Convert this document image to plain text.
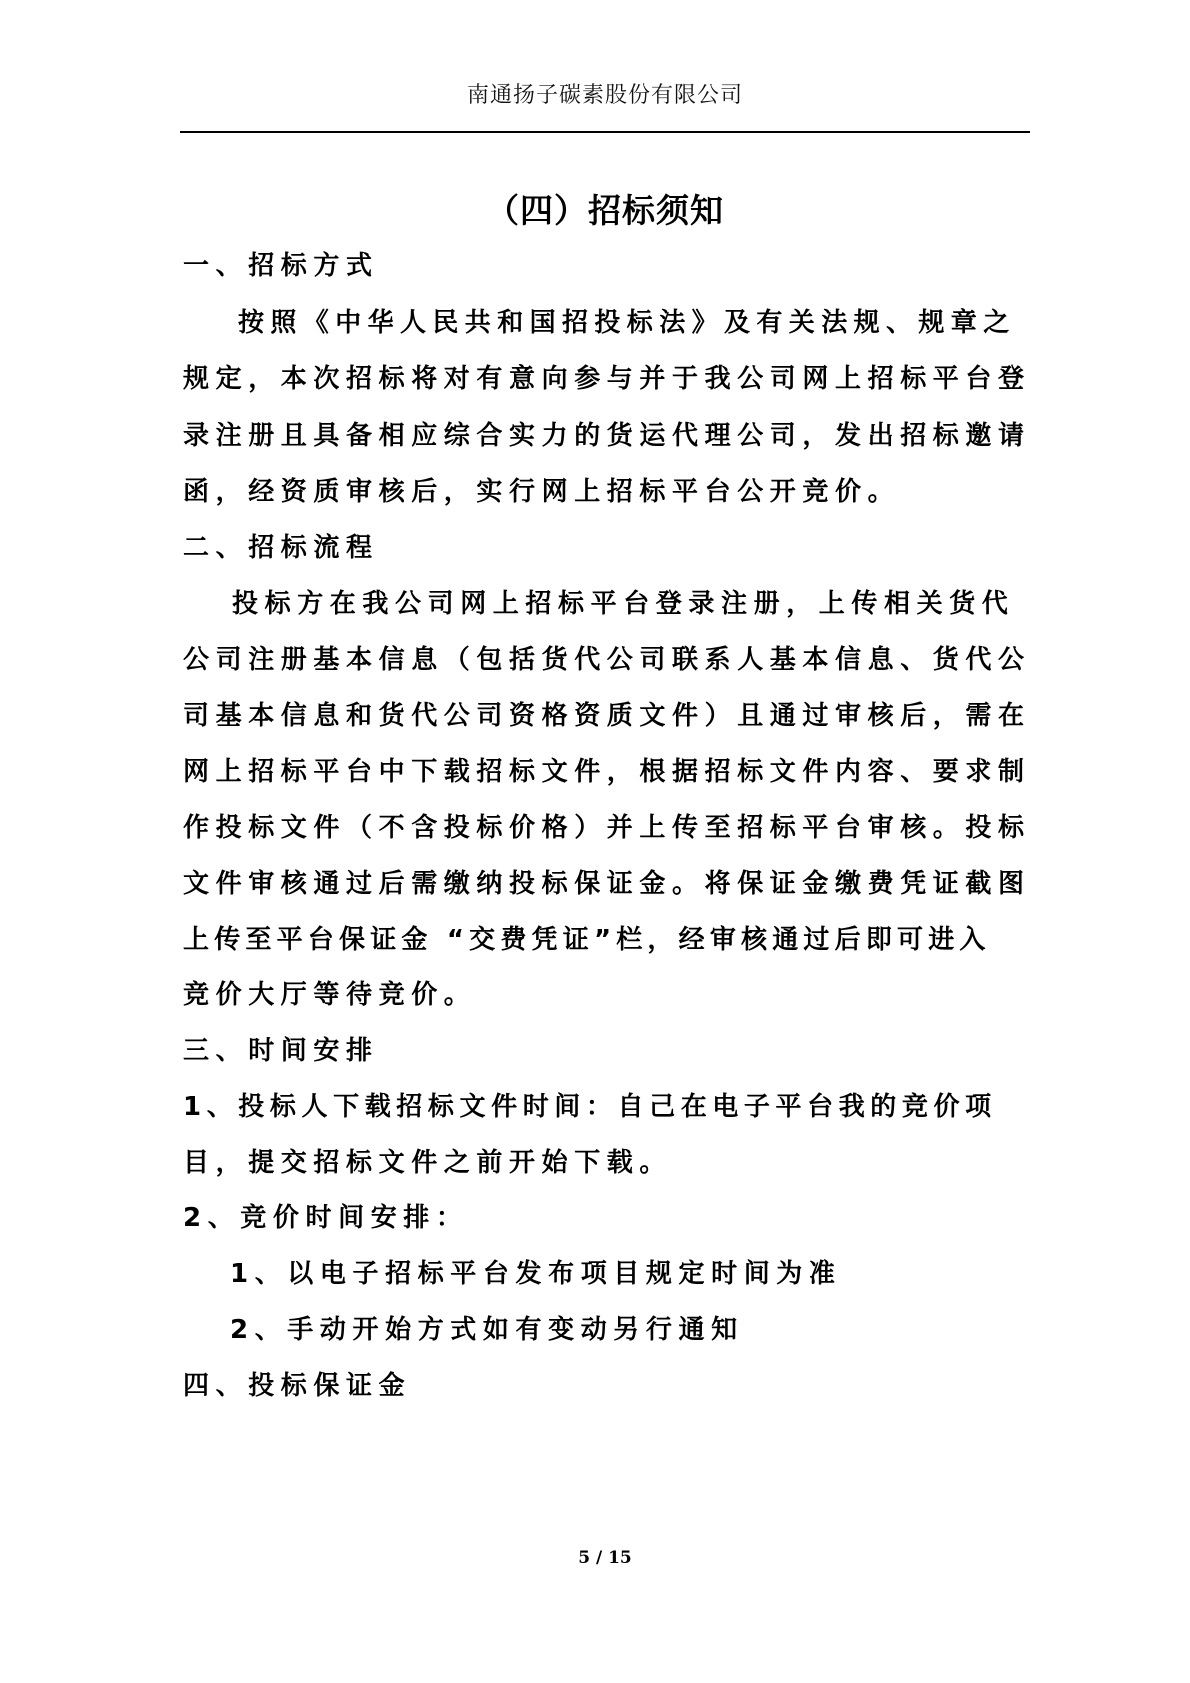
南通扬子碳素股份有限公司
（四）招标须知
一、招标方式
按照《中华人民共和国招投标法》及有关法规、规章之
规定，本次招标将对有意向参与并于我公司网上招标平台登
录注册且具备相应综合实力的货运代理公司，发出招标邀请
函，经资质审核后，实行网上招标平台公开竞价。
二、招标流程
投标方在我公司网上招标平台登录注册，上传相关货代
公司注册基本信息（包括货代公司联系人基本信息、货代公
司基本信息和货代公司资格资质文件）且通过审核后，需在
网上招标平台中下载招标文件，根据招标文件内容、要求制
作投标文件（不含投标价格）并上传至招标平台审核。投标
文件审核通过后需缴纳投标保证金。将保证金缴费凭证截图
上传至平台保证金 “交费凭证”栏，经审核通过后即可进入
竞价大厅等待竞价。
三、时间安排
1、投标人下载招标文件时间：自己在电子平台我的竞价项
目，提交招标文件之前开始下载。
2、竞价时间安排：
1、以电子招标平台发布项目规定时间为准
2、手动开始方式如有变动另行通知
四、投标保证金
5 / 15
